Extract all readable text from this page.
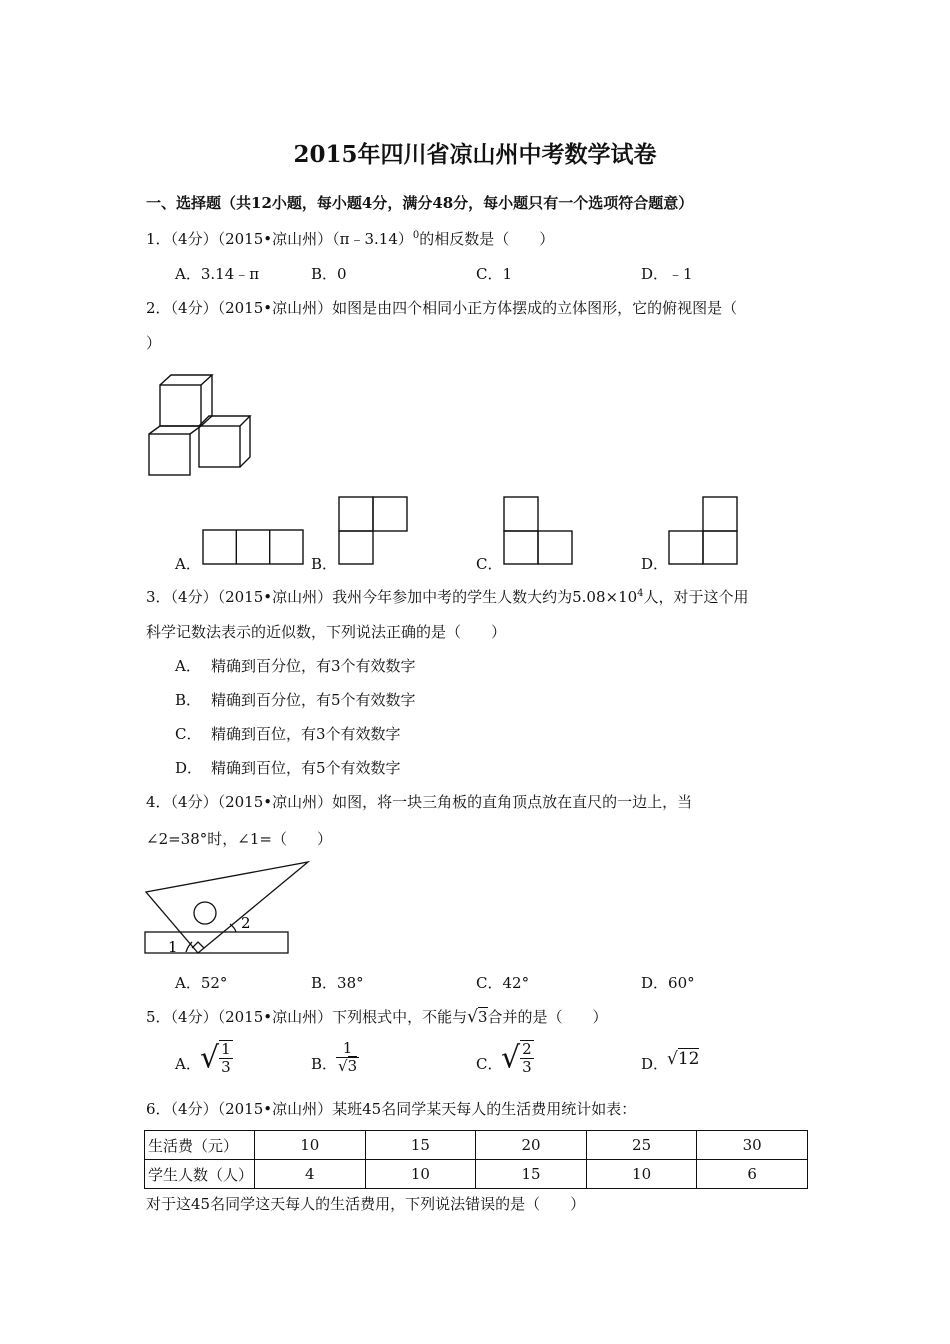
2015年四川省凉山州中考数学试卷
一、选择题（共12小题，每小题4分，满分48分，每小题只有一个选项符合题意）
1．（4分）（2015•凉山州）（π﹣3.14）$^0$的相反数是（　　）
A．3.14﹣π	B．0	C．1	D．﹣1
2．（4分）（2015•凉山州）如图是由四个相同小正方体摆成的立体图形，它的俯视图是（
）
A．	B．	C．	D．
3．（4分）（2015•凉山州）我州今年参加中考的学生人数大约为$5.08\times 10^4$人，对于这个用
科学记数法表示的近似数，下列说法正确的是（　　）
A． 精确到百分位，有3个有效数字
B． 精确到百分位，有5个有效数字
C． 精确到百位，有3个有效数字
D． 精确到百位，有5个有效数字
4．（4分）（2015•凉山州）如图，将一块三角板的直角顶点放在直尺的一边上，当
∠2=38°时，∠1=（　　）
1
2
A．52°	B．38°	C．42°	D．60°
5．（4分）（2015•凉山州）下列根式中，不能与√3合并的是（　　）
A． √ $\frac{1}{3}$	B．
$\frac{1}{√3}$	C．
√ $\frac{2}{3}$	D．
√12
6．（4分）（2015•凉山州）某班45名同学某天每人的生活费用统计如表：
生活费（元）	10	15	20	25	30
学生人数（人）	4	10	15	10	6
对于这45名同学这天每人的生活费用，下列说法错误的是（　　）
